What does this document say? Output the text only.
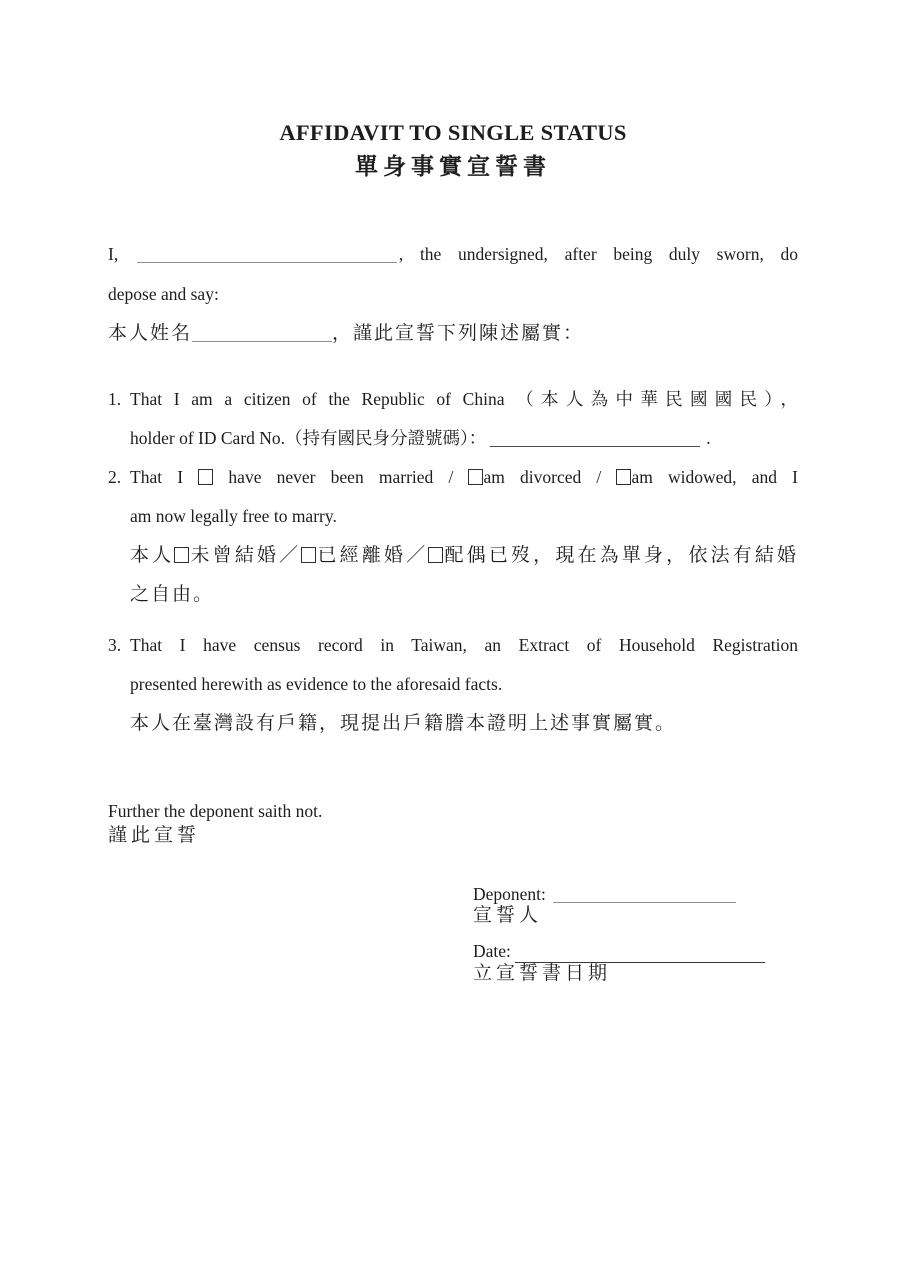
AFFIDAVIT TO SINGLE STATUS
單身事實宣誓書

I,	, the undersigned, after being duly sworn, do

depose and say:

本人姓名	，謹此宣誓下列陳述屬實：

1. That I am a citizen of the Republic of China （本人為中華民國國民），

holder of ID Card No.（持有國民身分證號碼）：	.

2. That I  have never been married / am divorced / am widowed, and I

am now legally free to marry.

本人 未曾結婚／ 已經離婚／ 配偶已歿，現在為單身，依法有結婚

之自由。

3. That I have census record in Taiwan, an Extract of Household Registration

presented herewith as evidence to the aforesaid facts.

本人在臺灣設有戶籍，現提出戶籍謄本證明上述事實屬實。

Further the deponent saith not.

謹此宣誓

Deponent:

宣誓人

Date:

立宣誓書日期
